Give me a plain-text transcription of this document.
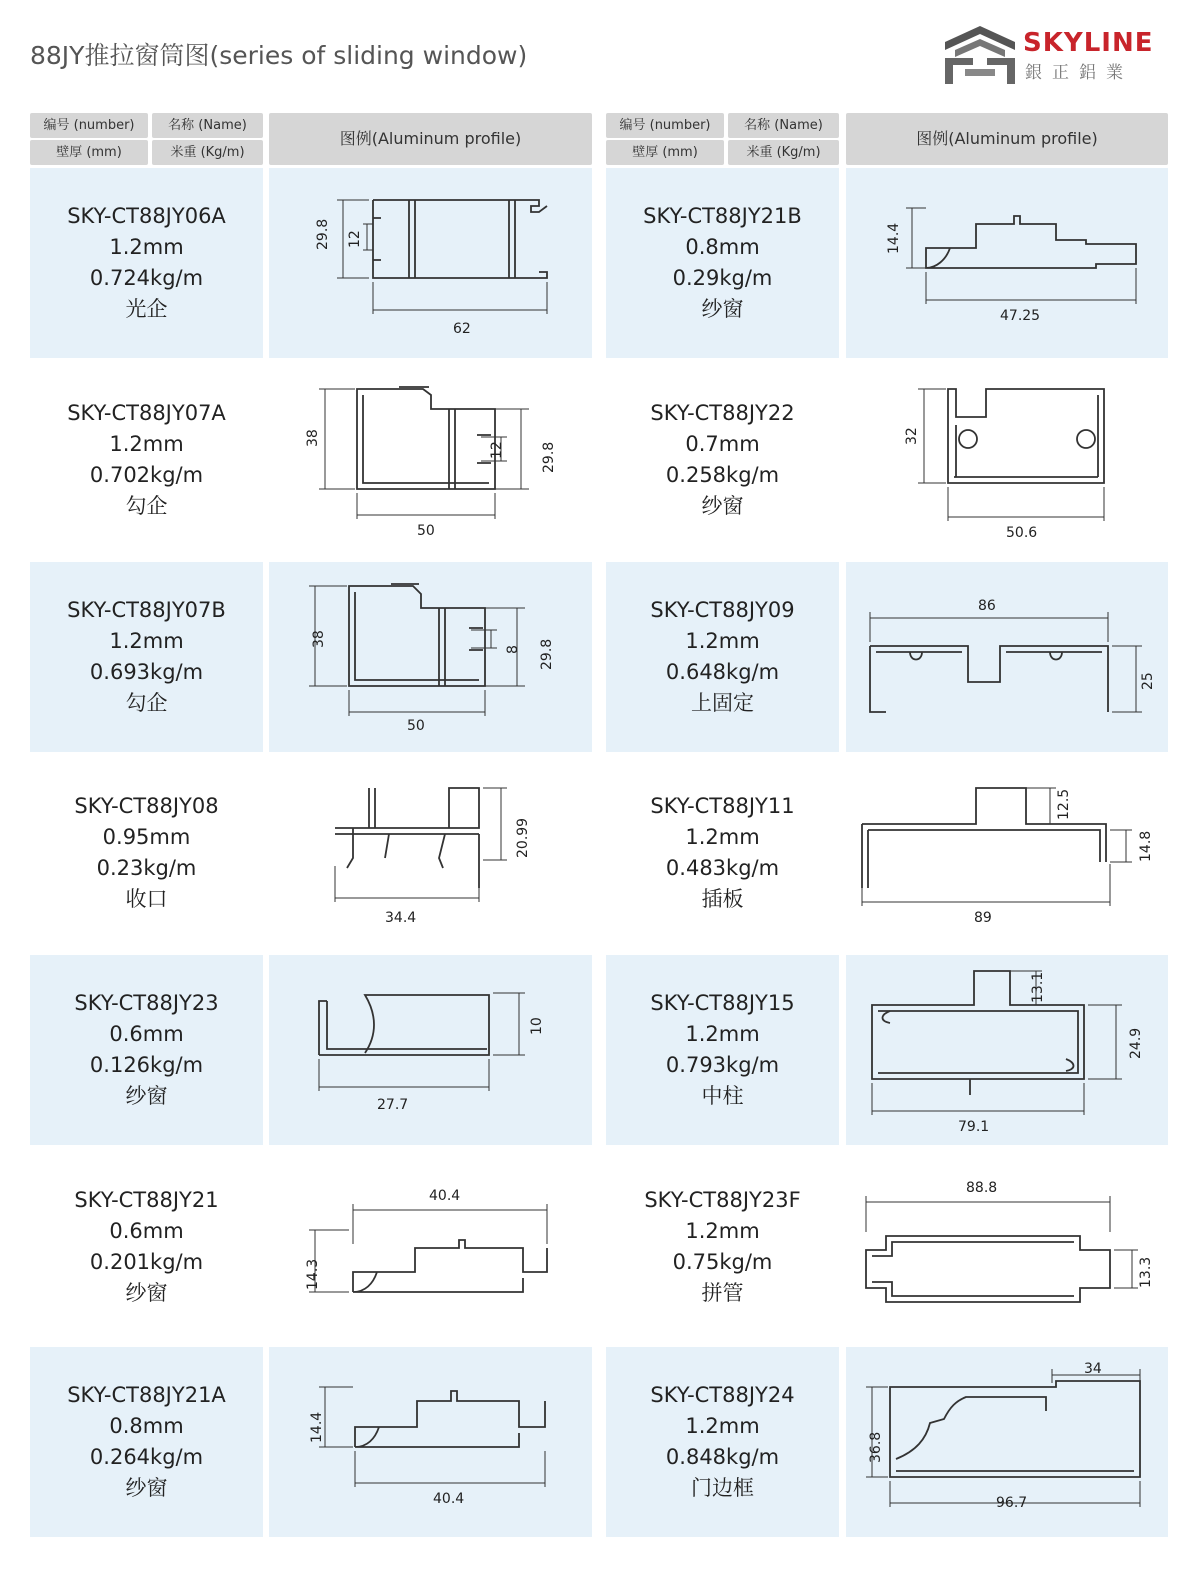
88JY推拉窗筒图(series of sliding window)	SKYLINE
銀正鋁業
编号 (number)	名称 (Name)
壁厚 (mm)	米重 (Kg/m)
图例(Aluminum profile)
编号 (number)	名称 (Name)
壁厚 (mm)	米重 (Kg/m)
图例(Aluminum profile)
SKY-CT88JY06A
1.2mm
0.724kg/m
光企
29.8 12
62
SKY-CT88JY21B
0.8mm
0.29kg/m
纱窗
14.4
47.25
SKY-CT88JY07A
1.2mm
0.702kg/m
勾企
38
12	29.8
50
SKY-CT88JY22
0.7mm
0.258kg/m
纱窗
32
50.6
SKY-CT88JY07B
1.2mm
0.693kg/m
勾企
38
8 29.8
50
SKY-CT88JY09
1.2mm
0.648kg/m
上固定
86
25
SKY-CT88JY08
0.95mm
0.23kg/m
收口
20.99
34.4
SKY-CT88JY11
1.2mm
0.483kg/m
插板
12.5
14.8
89
SKY-CT88JY23
0.6mm
0.126kg/m
纱窗
10
27.7
SKY-CT88JY15
1.2mm
0.793kg/m
中柱
13.1
24.9
79.1
SKY-CT88JY21
0.6mm
0.201kg/m
纱窗
40.4
14.3
SKY-CT88JY23F
1.2mm
0.75kg/m
拼管
88.8
13.3
SKY-CT88JY21A
0.8mm
0.264kg/m
纱窗
14.4
40.4
SKY-CT88JY24
1.2mm
0.848kg/m
门边框
34
36.8
96.7
